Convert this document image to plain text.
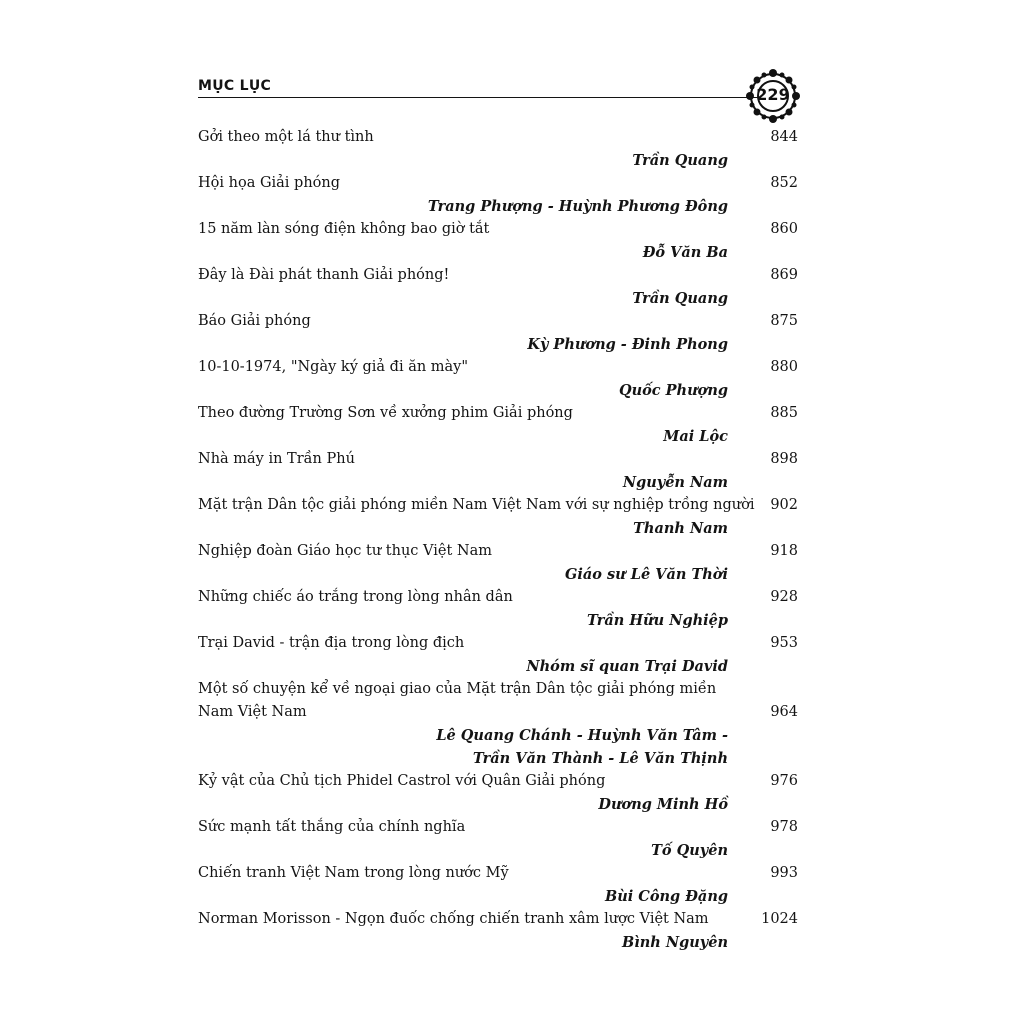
MỤC LỤC	229
Gởi theo một lá thư tình	844
Trần Quang
Hội họa Giải phóng	852
Trang Phượng - Huỳnh Phương Đông
15 năm làn sóng điện không bao giờ tắt	860
Đỗ Văn Ba
Đây là Đài phát thanh Giải phóng!	869
Trần Quang
Báo Giải phóng	875
Kỳ Phương - Đinh Phong
10-10-1974, "Ngày ký giả đi ăn mày"	880
Quốc Phượng
Theo đường Trường Sơn về xưởng phim Giải phóng	885
Mai Lộc
Nhà máy in Trần Phú	898
Nguyễn Nam
Mặt trận Dân tộc giải phóng miền Nam Việt Nam với sự nghiệp trồng người 902
Thanh Nam
Nghiệp đoàn Giáo học tư thục Việt Nam	918
Giáo sư Lê Văn Thời
Những chiếc áo trắng trong lòng nhân dân	928
Trần Hữu Nghiệp
Trại David - trận địa trong lòng địch	953
Nhóm sĩ quan Trại David
Một số chuyện kể về ngoại giao của Mặt trận Dân tộc giải phóng miền
Nam Việt Nam	964
Lê Quang Chánh - Huỳnh Văn Tâm -
Trần Văn Thành - Lê Văn Thịnh
Kỷ vật của Chủ tịch Phidel Castrol với Quân Giải phóng	976
Dương Minh Hồ
Sức mạnh tất thắng của chính nghĩa	978
Tố Quyên
Chiến tranh Việt Nam trong lòng nước Mỹ	993
Bùi Công Đặng
Norman Morisson - Ngọn đuốc chống chiến tranh xâm lược Việt Nam	1024
Bình Nguyên
